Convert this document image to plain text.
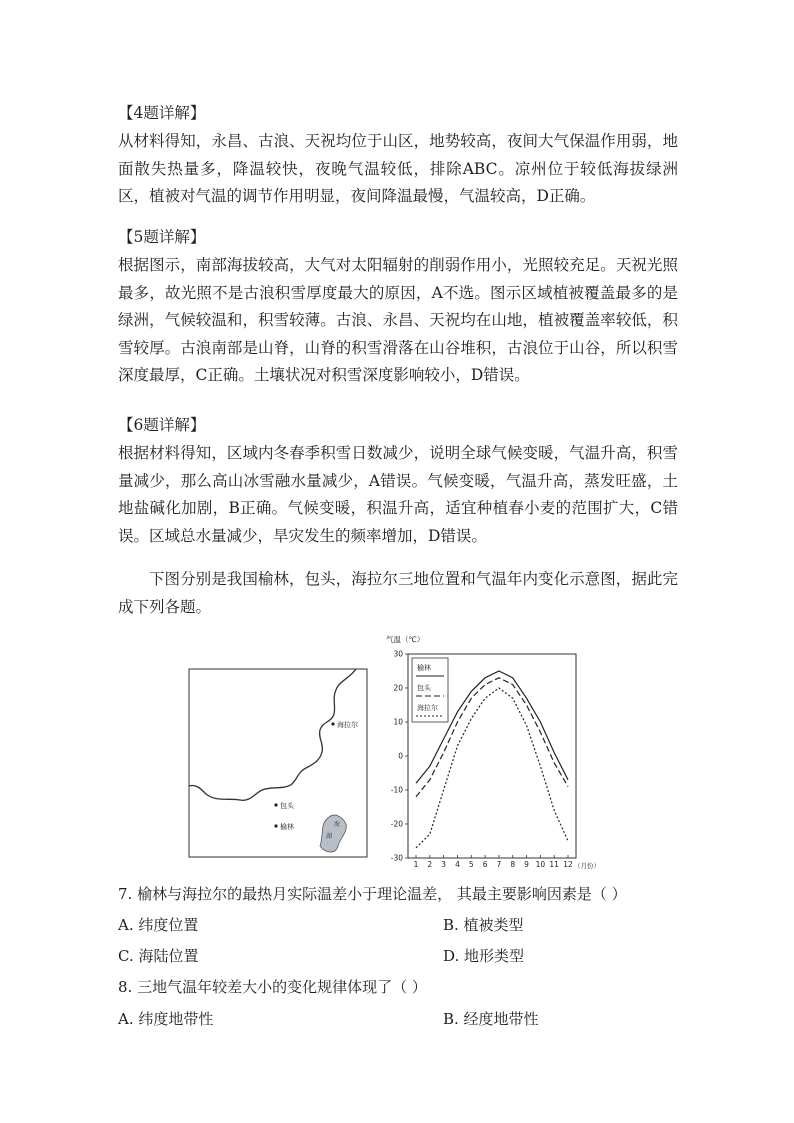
【4题详解】

从材料得知，永昌、古浪、天祝均位于山区，地势较高，夜间大气保温作用弱，地面散失热量多，降温较快，夜晚气温较低，排除ABC。凉州位于较低海拔绿洲区，植被对气温的调节作用明显，夜间降温最慢，气温较高，D正确。

【5题详解】

根据图示，南部海拔较高，大气对太阳辐射的削弱作用小，光照较充足。天祝光照最多，故光照不是古浪积雪厚度最大的原因，A不选。图示区域植被覆盖最多的是绿洲，气候较温和，积雪较薄。古浪、永昌、天祝均在山地，植被覆盖率较低，积雪较厚。古浪南部是山脊，山脊的积雪滑落在山谷堆积，古浪位于山谷，所以积雪深度最厚，C正确。土壤状况对积雪深度影响较小，D错误。

【6题详解】

根据材料得知，区域内冬春季积雪日数减少，说明全球气候变暖，气温升高，积雪量减少，那么高山冰雪融水量减少，A错误。气候变暖，气温升高，蒸发旺盛，土地盐碱化加剧，B正确。气候变暖，积温升高，适宜种植春小麦的范围扩大，C错误。区域总水量减少，旱灾发生的频率增加，D错误。

下图分别是我国榆林，包头，海拉尔三地位置和气温年内变化示意图，据此完成下列各题。

海拉尔
包头
榆林	海
湖
气温（℃）
30
20
10
0
-10
-20
-30
1 2 3 4 5 6 7 8 9 10 11 12
榆林
包头
海拉尔
（月份）
7. 榆林与海拉尔的最热月实际温差小于理论温差， 其最主要影响因素是（ ）
A. 纬度位置	B. 植被类型
C. 海陆位置	D. 地形类型
8. 三地气温年较差大小的变化规律体现了（ ）
A. 纬度地带性	B. 经度地带性
